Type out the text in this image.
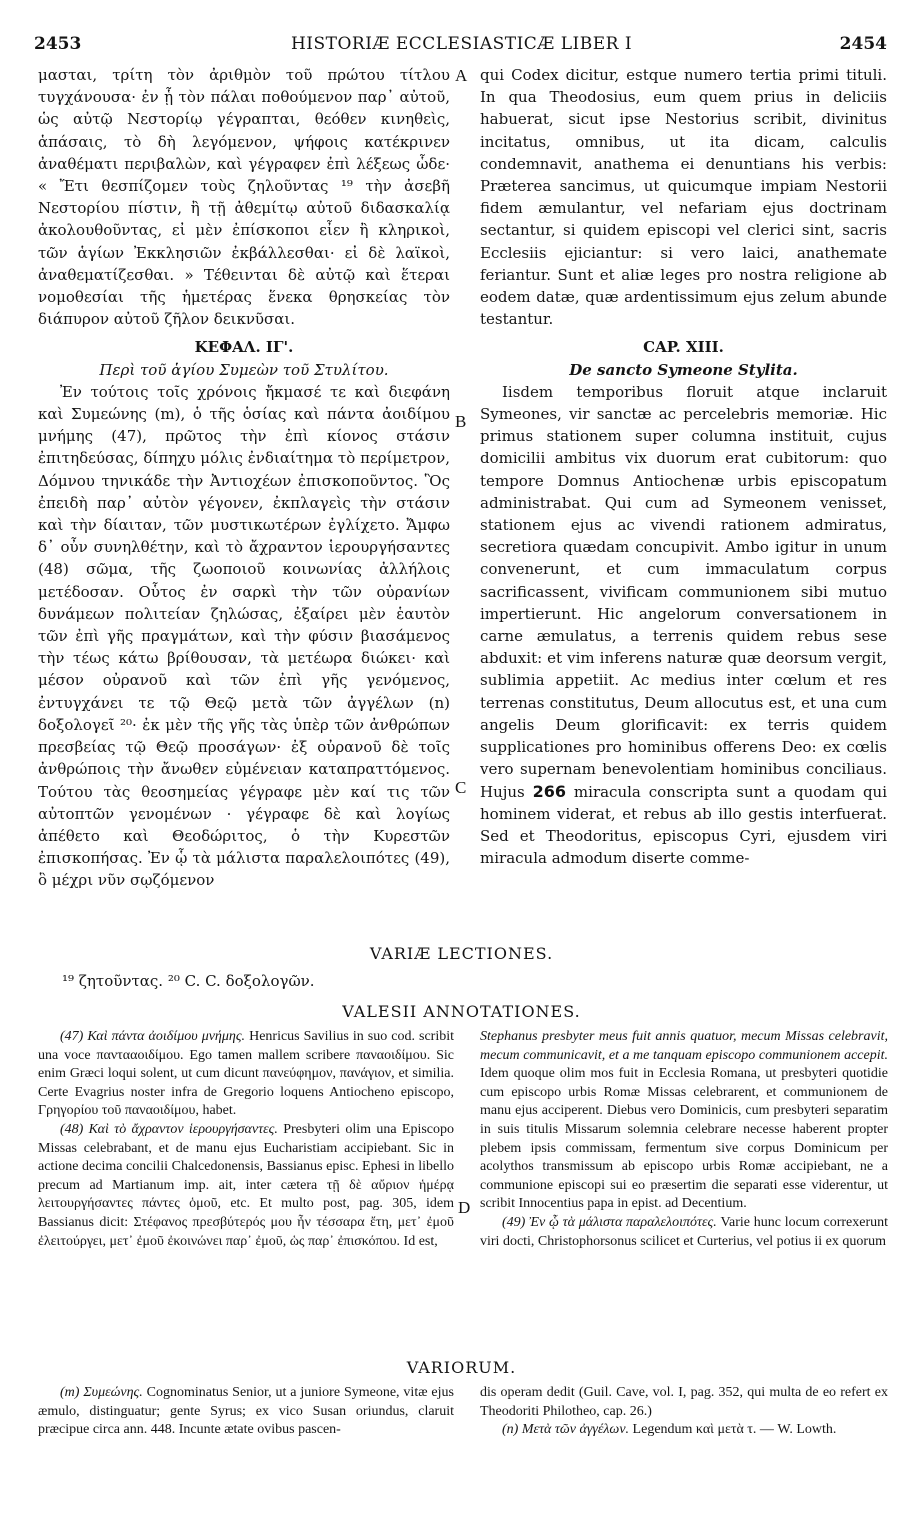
2453	HISTORIÆ ECCLESIASTICÆ LIBER I	2454

μασται, τρίτη τὸν ἀριθμὸν τοῦ πρώτου τίτλου τυγχάνουσα· ἐν ᾗ τὸν πάλαι ποθούμενον παρ᾽ αὐτοῦ, ὡς αὐτῷ Νεστορίῳ γέγραπται, θεόθεν κινηθεὶς, ἁπάσαις, τὸ δὴ λεγόμενον, ψήφοις κατέκρινεν ἀναθέματι περιβαλὼν, καὶ γέγραφεν ἐπὶ λέξεως ὧδε· « Ἔτι θεσπίζομεν τοὺς ζηλοῦντας ¹⁹ τὴν ἀσεβῆ Νεστορίου πίστιν, ἢ τῇ ἀθεμίτῳ αὐτοῦ διδασκαλίᾳ ἀκολουθοῦντας, εἰ μὲν ἐπίσκοποι εἶεν ἢ κληρικοὶ, τῶν ἁγίων Ἐκκλησιῶν ἐκβάλλεσθαι· εἰ δὲ λαϊκοὶ, ἀναθεματίζεσθαι. » Τέθεινται δὲ αὐτῷ καὶ ἕτεραι νομοθεσίαι τῆς ἡμετέρας ἕνεκα θρησκείας τὸν διάπυρον αὐτοῦ ζῆλον δεικνῦσαι.

ΚΕΦΑΛ. ΙΓ'.

Περὶ τοῦ ἁγίου Συμεὼν τοῦ Στυλίτου.

Ἐν τούτοις τοῖς χρόνοις ἤκμασέ τε καὶ διεφάνη καὶ Συμεώνης (m), ὁ τῆς ὁσίας καὶ πάντα ἀοιδίμου μνήμης (47), πρῶτος τὴν ἐπὶ κίονος στάσιν ἐπιτηδεύσας, δίπηχυ μόλις ἐνδιαίτημα τὸ περίμετρον, Δόμνου τηνικάδε τὴν Ἀντιοχέων ἐπισκοποῦντος. Ὃς ἐπειδὴ παρ᾽ αὐτὸν γέγονεν, ἐκπλαγεὶς τὴν στάσιν καὶ τὴν δίαιταν, τῶν μυστικωτέρων ἐγλίχετο. Ἄμφω δ᾽ οὖν συνηλθέτην, καὶ τὸ ἄχραντον ἱερουργήσαντες (48) σῶμα, τῆς ζωοποιοῦ κοινωνίας ἀλλήλοις μετέδοσαν. Οὗτος ἐν σαρκὶ τὴν τῶν οὐρανίων δυνάμεων πολιτείαν ζηλώσας, ἐξαίρει μὲν ἑαυτὸν τῶν ἐπὶ γῆς πραγμάτων, καὶ τὴν φύσιν βιασάμενος τὴν τέως κάτω βρίθουσαν, τὰ μετέωρα διώκει· καὶ μέσον οὐρανοῦ καὶ τῶν ἐπὶ γῆς γενόμενος, ἐντυγχάνει τε τῷ Θεῷ μετὰ τῶν ἀγγέλων (n) δοξολογεῖ ²⁰· ἐκ μὲν τῆς γῆς τὰς ὑπὲρ τῶν ἀνθρώπων πρεσβείας τῷ Θεῷ προσάγων· ἐξ οὐρανοῦ δὲ τοῖς ἀνθρώποις τὴν ἄνωθεν εὐμένειαν καταπραττόμενος. Τούτου τὰς θεοσημείας γέγραφε μὲν καί τις τῶν αὐτοπτῶν γενομένων · γέγραφε δὲ καὶ λογίως ἀπέθετο καὶ Θεοδώριτος, ὁ τὴν Κυρεστῶν ἐπισκοπήσας. Ἐν ᾧ τὰ μάλιστα παραλελοιπότες (49), ὃ μέχρι νῦν σῳζόμενον

qui Codex dicitur, estque numero tertia primi tituli. In qua Theodosius, eum quem prius in deliciis habuerat, sicut ipse Nestorius scribit, divinitus incitatus, omnibus, ut ita dicam, calculis condemnavit, anathema ei denuntians his verbis: Præterea sancimus, ut quicumque impiam Nestorii fidem æmulantur, vel nefariam ejus doctrinam sectantur, si quidem episcopi vel clerici sint, sacris Ecclesiis ejiciantur: si vero laici, anathemate feriantur. Sunt et aliæ leges pro nostra religione ab eodem datæ, quæ ardentissimum ejus zelum abunde testantur.

CAP. XIII.

De sancto Symeone Stylita.

Iisdem temporibus floruit atque inclaruit Symeones, vir sanctæ ac percelebris memoriæ. Hic primus stationem super columna instituit, cujus domicilii ambitus vix duorum erat cubitorum: quo tempore Domnus Antiochenæ urbis episcopatum administrabat. Qui cum ad Symeonem venisset, stationem ejus ac vivendi rationem admiratus, secretiora quædam concupivit. Ambo igitur in unum convenerunt, et cum immaculatum corpus sacrificassent, vivificam communionem sibi mutuo impertierunt. Hic angelorum conversationem in carne æmulatus, a terrenis quidem rebus sese abduxit: et vim inferens naturæ quæ deorsum vergit, sublimia appetiit. Ac medius inter cœlum et res terrenas constitutus, Deum allocutus est, et una cum angelis Deum glorificavit: ex terris quidem supplicationes pro hominibus offerens Deo: ex cœlis vero supernam benevolentiam hominibus conciliaus. Hujus 266 miracula conscripta sunt a quodam qui hominem viderat, et rebus ab illo gestis interfuerat. Sed et Theodoritus, episcopus Cyri, ejusdem viri miracula admodum diserte comme-

A
B
C
D
VARIÆ LECTIONES.
¹⁹ ζητοῦντας. ²⁰ C. C. δοξολογῶν.
VALESII ANNOTATIONES.

(47) Καὶ πάντα ἀοιδίμου μνήμης. Henricus Savilius in suo cod. scribit una voce παντααοιδίμου. Ego tamen mallem scribere παναοιδίμου. Sic enim Græci loqui solent, ut cum dicunt πανεύφημον, πανάγιον, et similia. Certe Evagrius noster infra de Gregorio loquens Antiocheno episcopo, Γρηγορίου τοῦ παναοιδίμου, habet.

(48) Καὶ τὸ ἄχραντον ἱερουργήσαντες. Presbyteri olim una Episcopo Missas celebrabant, et de manu ejus Eucharistiam accipiebant. Sic in actione decima concilii Chalcedonensis, Bassianus episc. Ephesi in libello precum ad Martianum imp. ait, inter cætera τῇ δὲ αὔριον ἡμέρᾳ λειτουργήσαντες πάντες ὁμοῦ, etc. Et multo post, pag. 305, idem Bassianus dicit: Στέφανος πρεσβύτερός μου ἦν τέσσαρα ἔτη, μετ᾽ ἐμοῦ ἐλειτούργει, μετ᾽ ἐμοῦ ἐκοινώνει παρ᾽ ἐμοῦ, ὡς παρ᾽ ἐπισκόπου. Id est,

Stephanus presbyter meus fuit annis quatuor, mecum Missas celebravit, mecum communicavit, et a me tanquam episcopo communionem accepit. Idem quoque olim mos fuit in Ecclesia Romana, ut presbyteri quotidie cum episcopo urbis Romæ Missas celebrarent, et communionem de manu ejus acciperent. Diebus vero Dominicis, cum presbyteri separatim in suis titulis Missarum solemnia celebrare necesse haberent propter plebem ipsis commissam, fermentum sive corpus Dominicum per acolythos transmissum ab episcopo urbis Romæ accipiebant, ne a communione episcopi sui eo præsertim die separati esse viderentur, ut scribit Innocentius papa in epist. ad Decentium.

(49) Ἐν ᾧ τὰ μάλιστα παραλελοιπότες. Varie hunc locum correxerunt viri docti, Christophorsonus scilicet et Curterius, vel potius ii ex quorum

VARIORUM.

(m) Συμεώνης. Cognominatus Senior, ut a juniore Symeone, vitæ ejus æmulo, distinguatur; gente Syrus; ex vico Susan oriundus, claruit præcipue circa ann. 448. Incunte ætate ovibus pascen-

dis operam dedit (Guil. Cave, vol. I, pag. 352, qui multa de eo refert ex Theodoriti Philotheo, cap. 26.)

(n) Μετὰ τῶν ἀγγέλων. Legendum καὶ μετὰ τ. — W. Lowth.
